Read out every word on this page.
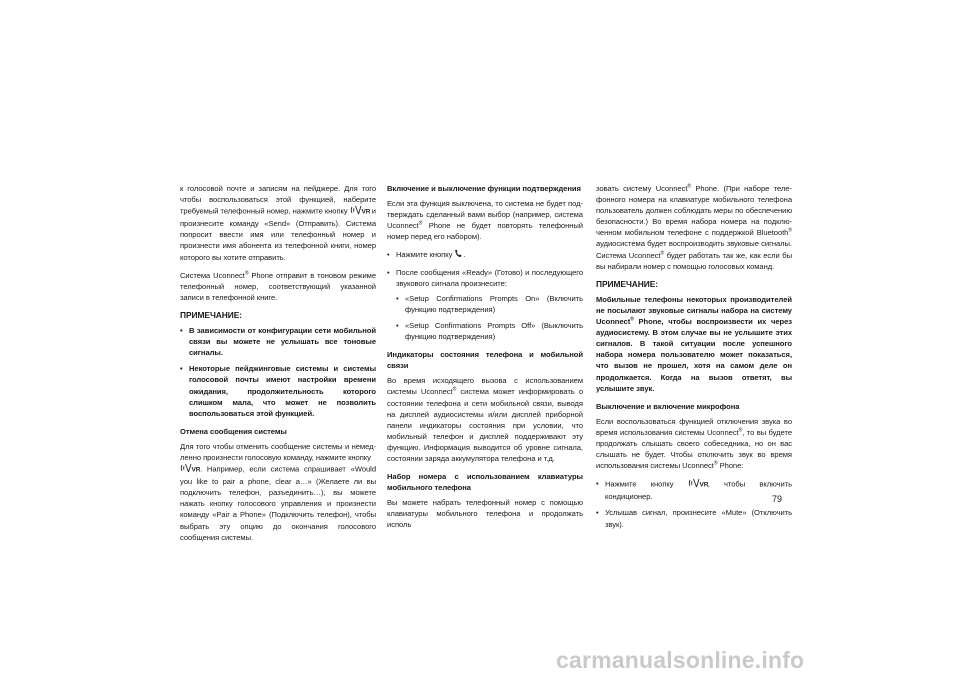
к голосовой почте и записям на пейджере. Для того чтобы воспользоваться этой функцией, наберите требуемый телефонный номер, нажмите кнопку VR и произнесите команду «Send» (Отправить). Система попросит ввести имя или телефонный номер и произнести имя абонента из телефонной книги, номер которого вы хотите отправить.

Система Uconnect® Phone отправит в тоновом режиме телефонный номер, соответствующий указанной записи в телефонной книге.

ПРИМЕЧАНИЕ:
• В зависимости от конфигурации сети мобильной связи вы можете не услышать все тоновые сигналы.
• Некоторые пейджинговые системы и системы голосовой почты имеют настройки времени ожидания, продолжительность которого слишком мала, что может не позволить воспользоваться этой функцией.
Отмена сообщения системы

Для того чтобы отменить сообщение системы и немедленно произнести голосовую команду, нажмите кнопку

VR . Например, если система спрашивает «Would you like to pair a phone, clear a…» (Желаете ли вы подключить телефон, разъединить…), вы можете нажать кнопку голосового управления и произнести команду «Pair a Phone» (Подключить телефон), чтобы выбрать эту опцию до окончания голосового сообщения системы.

Включение и выключение функции подтверждения

Если эта функция выключена, то система не будет подтверждать сделанный вами выбор (например, система Uconnect® Phone не будет повторять телефонный номер перед его набором).

• Нажмите кнопку .
• После сообщения «Ready» (Готово) и последующего звукового сигнала произнесите:
• «Setup Confirmations Prompts On» (Включить функцию подтверждения)
• «Setup Confirmations Prompts Off» (Выключить функцию подтверждения)
Индикаторы состояния телефона и мобильной связи

Во время исходящего вызова с использованием системы Uconnect® система может информировать о состоянии телефона и сети мобильной связи, выводя на дисплей аудиосистемы и/или дисплей приборной панели индикаторы состояния при условии, что мобильный телефон и дисплей поддерживают эту функцию. Информация выводится об уровне сигнала, состоянии заряда аккумулятора телефона и т.д.

Набор номера с использованием клавиатуры мобильного телефона

Вы можете набрать телефонный номер с помощью клавиатуры мобильного телефона и продолжать исполь

зовать систему Uconnect® Phone. (При наборе телефонного номера на клавиатуре мобильного телефона пользователь должен соблюдать меры по обеспечению безопасности.) Во время набора номера на подключенном мобильном телефоне с поддержкой Bluetooth® аудиосистема будет воспроизводить звуковые сигналы. Система Uconnect® будет работать так же, как если бы вы набирали номер с помощью голосовых команд.

ПРИМЕЧАНИЕ:

Мобильные телефоны некоторых производителей не посылают звуковые сигналы набора на систему Uconnect® Phone, чтобы воспроизвести их через аудиосистему. В этом случае вы не услышите этих сигналов. В такой ситуации после успешного набора номера пользователю может показаться, что вызов не прошел, хотя на самом деле он продолжается. Когда на вызов ответят, вы услышите звук.

Выключение и включение микрофона

Если воспользоваться функцией отключения звука во время использования системы Uconnect®, то вы будете продолжать слышать своего собеседника, но он вас слышать не будет. Чтобы отключить звук во время использования системы Uconnect® Phone:

• Нажмите кнопку VR , чтобы включить кондиционер.
• Услышав сигнал, произнесите «Mute» (Отключить звук).
79
carmanualsonline.info
